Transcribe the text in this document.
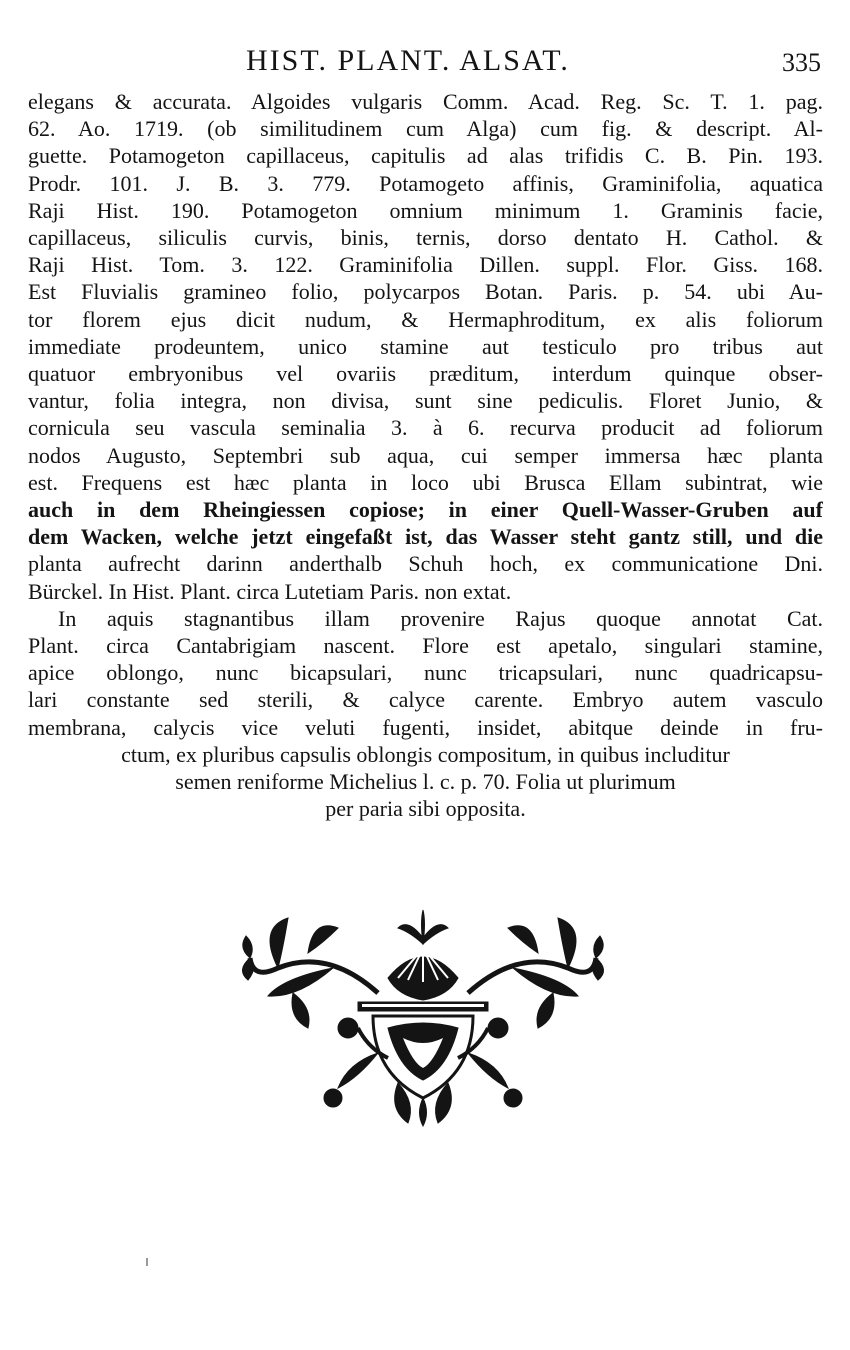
HIST. PLANT. ALSAT.	335
elegans & accurata. Algoides vulgaris Comm. Acad. Reg. Sc. T. 1. pag.
62. Ao. 1719. (ob similitudinem cum Alga) cum fig. & descript. Al-
guette. Potamogeton capillaceus, capitulis ad alas trifidis C. B. Pin. 193.
Prodr. 101. J. B. 3. 779. Potamogeto affinis, Graminifolia, aquatica
Raji Hist. 190. Potamogeton omnium minimum 1. Graminis facie,
capillaceus, siliculis curvis, binis, ternis, dorso dentato H. Cathol. &
Raji Hist. Tom. 3. 122. Graminifolia Dillen. suppl. Flor. Giss. 168.
Est Fluvialis gramineo folio, polycarpos Botan. Paris. p. 54. ubi Au-
tor florem ejus dicit nudum, & Hermaphroditum, ex alis foliorum
immediate prodeuntem, unico stamine aut testiculo pro tribus aut
quatuor embryonibus vel ovariis præditum, interdum quinque obser-
vantur, folia integra, non divisa, sunt sine pediculis. Floret Junio, &
cornicula seu vascula seminalia 3. à 6. recurva producit ad foliorum
nodos Augusto, Septembri sub aqua, cui semper immersa hæc planta
est. Frequens est hæc planta in loco ubi Brusca Ellam subintrat, wie
auch in dem Rheingiessen copiose; in einer Quell-Wasser-Gruben auf
dem Wacken, welche jetzt eingefaßt ist, das Wasser steht gantz still, und die
planta aufrecht darinn anderthalb Schuh hoch, ex communicatione Dni.
Bürckel. In Hist. Plant. circa Lutetiam Paris. non extat.
In aquis stagnantibus illam provenire Rajus quoque annotat Cat.
Plant. circa Cantabrigiam nascent. Flore est apetalo, singulari stamine,
apice oblongo, nunc bicapsulari, nunc tricapsulari, nunc quadricapsu-
lari constante sed sterili, & calyce carente. Embryo autem vasculo
membrana, calycis vice veluti fugenti, insidet, abitque deinde in fru-
ctum, ex pluribus capsulis oblongis compositum, in quibus includitur
semen reniforme Michelius l. c. p. 70. Folia ut plurimum
per paria sibi opposita.
